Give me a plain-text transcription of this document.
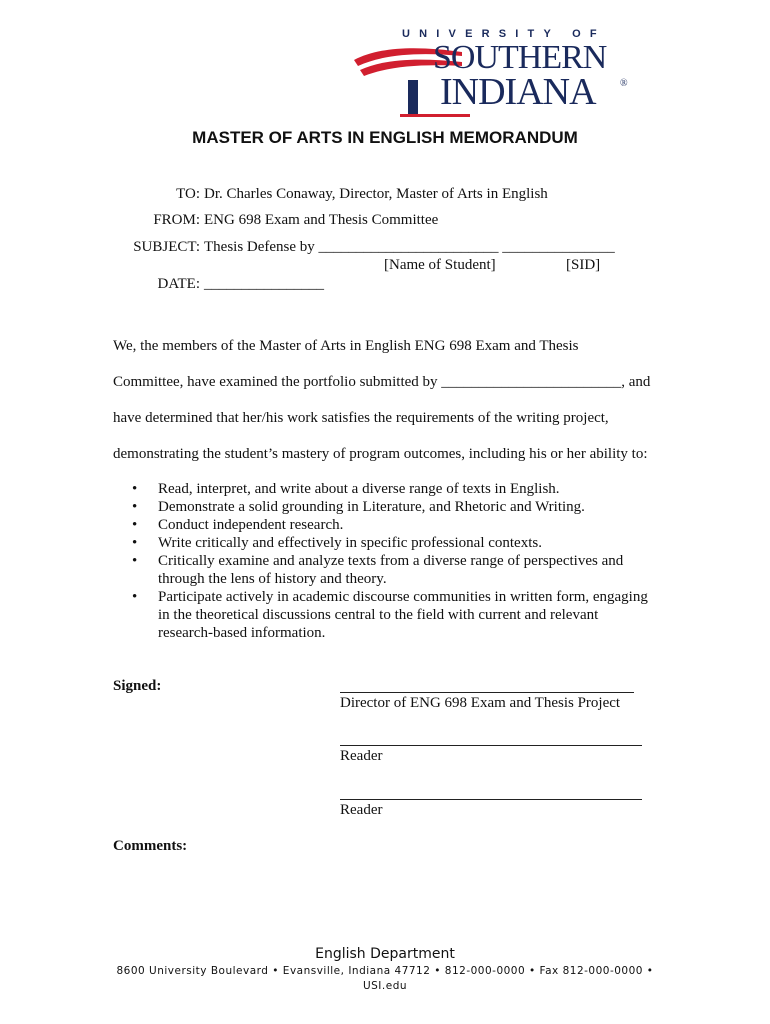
UNIVERSITY OF
SOUTHERN
INDIANA ®
MASTER OF ARTS IN ENGLISH MEMORANDUM
TO: Dr. Charles Conaway, Director, Master of Arts in English
FROM: ENG 698 Exam and Thesis Committee
SUBJECT: Thesis Defense by ________________________ _______________
[Name of Student]	[SID]
DATE: ________________
We, the members of the Master of Arts in English ENG 698 Exam and Thesis
Committee, have examined the portfolio submitted by ________________________, and
have determined that her/his work satisfies the requirements of the writing project,
demonstrating the student’s mastery of program outcomes, including his or her ability to:
• Read, interpret, and write about a diverse range of texts in English.
• Demonstrate a solid grounding in Literature, and Rhetoric and Writing.
• Conduct independent research.
• Write critically and effectively in specific professional contexts.
• Critically examine and analyze texts from a diverse range of perspectives and through the lens of history and theory.
• Participate actively in academic discourse communities in written form, engaging in the theoretical discussions central to the field with current and relevant research-based information.
Signed:
Director of ENG 698 Exam and Thesis Project
Reader
Reader
Comments:
English Department
8600 University Boulevard • Evansville, Indiana 47712 • 812-000-0000 • Fax 812-000-0000 • USI.edu
